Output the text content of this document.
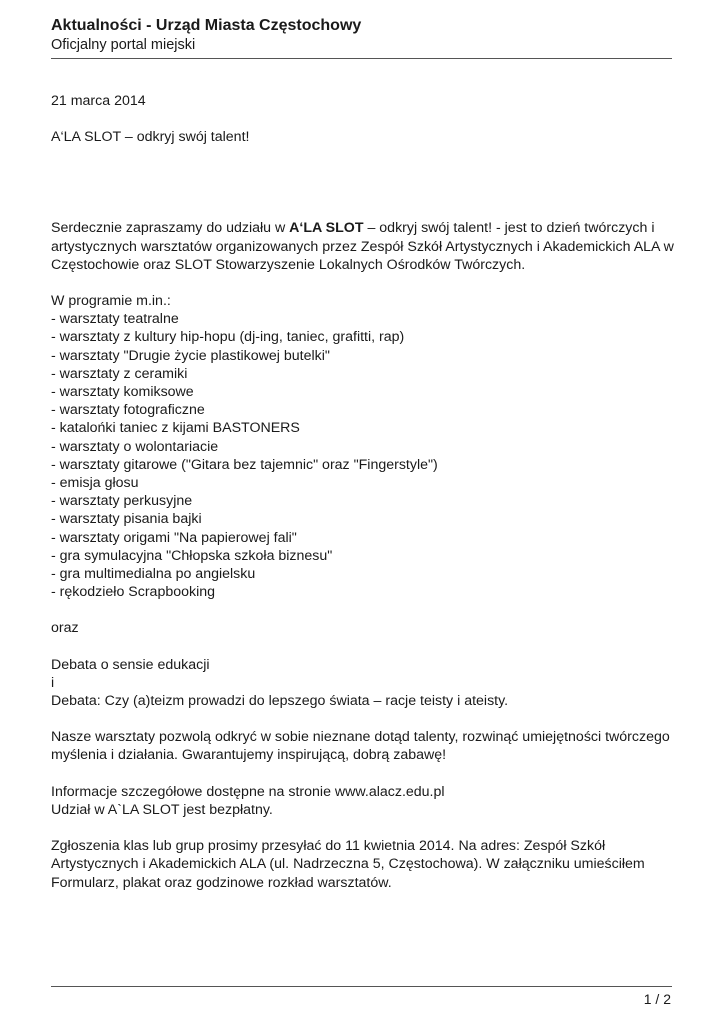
Aktualności - Urząd Miasta Częstochowy

Oficjalny portal miejski

21 marca 2014

A‘LA SLOT – odkryj swój talent!

Serdecznie zapraszamy do udziału w A‘LA SLOT – odkryj swój talent! - jest to dzień twórczych i artystycznych warsztatów organizowanych przez Zespół Szkół Artystycznych i Akademickich ALA w Częstochowie oraz SLOT Stowarzyszenie Lokalnych Ośrodków Twórczych.

W programie m.in.:

- warsztaty teatralne
- warsztaty z kultury hip-hopu (dj-ing, taniec, grafitti, rap)
- warsztaty "Drugie życie plastikowej butelki"
- warsztaty z ceramiki
- warsztaty komiksowe
- warsztaty fotograficzne
- katalońki taniec z kijami BASTONERS
- warsztaty o wolontariacie
- warsztaty gitarowe ("Gitara bez tajemnic" oraz "Fingerstyle")
- emisja głosu
- warsztaty perkusyjne
- warsztaty pisania bajki
- warsztaty origami "Na papierowej fali"
- gra symulacyjna "Chłopska szkoła biznesu"
- gra multimedialna po angielsku
- rękodzieło Scrapbooking

oraz

Debata o sensie edukacji

i

Debata: Czy (a)teizm prowadzi do lepszego świata – racje teisty i ateisty.

Nasze warsztaty pozwolą odkryć w sobie nieznane dotąd talenty, rozwinąć umiejętności twórczego myślenia i działania. Gwarantujemy inspirującą, dobrą zabawę!

Informacje szczegółowe dostępne na stronie www.alacz.edu.pl

Udział w A`LA SLOT jest bezpłatny.

Zgłoszenia klas lub grup prosimy przesyłać do 11 kwietnia 2014. Na adres: Zespół Szkół Artystycznych i Akademickich ALA (ul. Nadrzeczna 5, Częstochowa). W załączniku umieściłem Formularz, plakat oraz godzinowe rozkład warsztatów.

1 / 2
